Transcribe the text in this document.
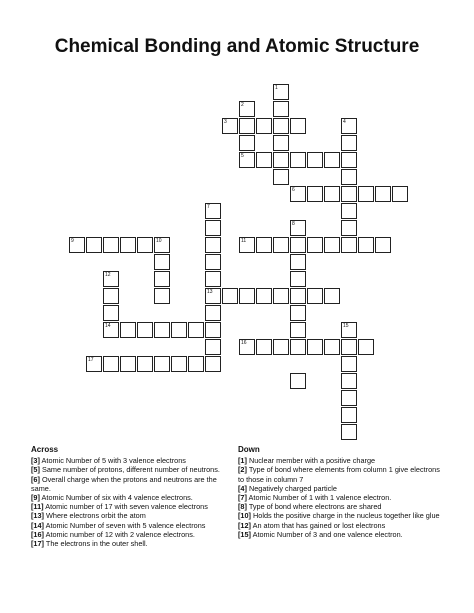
Chemical Bonding and Atomic Structure
1
2
3	4
5
6
7
8
9	10	11
12
13
14	15
16
17
Across

[3] Atomic Number of 5 with 3 valence electrons

[5] Same number of protons, different number of neutrons.

[6] Overall charge when the protons and neutrons are the same.

[9] Atomic Number of six with 4 valence electrons.

[11] Atomic number of 17 with seven valence electrons

[13] Where electrons orbit the atom

[14] Atomic Number of seven with 5 valence electrons

[16] Atomic number of 12 with 2 valence electrons.

[17] The electrons in the outer shell.

Down

[1] Nuclear member with a positive charge

[2] Type of bond where elements from column 1 give electrons to those in column 7

[4] Negatively charged particle

[7] Atomic Number of 1 with 1 valence electron.

[8] Type of bond where electrons are shared

[10] Holds the positive charge in the nucleus together like glue

[12] An atom that has gained or lost electrons

[15] Atomic Number of 3 and one valence electron.
